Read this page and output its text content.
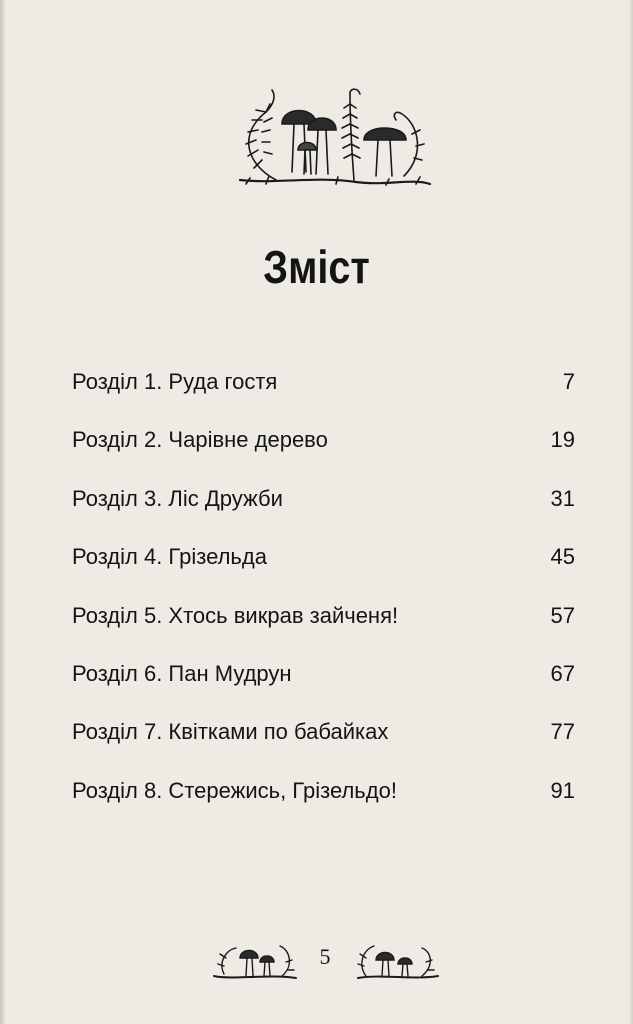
Зміст
Розділ 1. Руда гостя	7
Розділ 2. Чарівне дерево	19
Розділ 3. Ліс Дружби	31
Розділ 4. Грізельда	45
Розділ 5. Хтось викрав зайченя!	57
Розділ 6. Пан Мудрун	67
Розділ 7. Квітками по бабайках	77
Розділ 8. Стережись, Грізельдо!	91
5
